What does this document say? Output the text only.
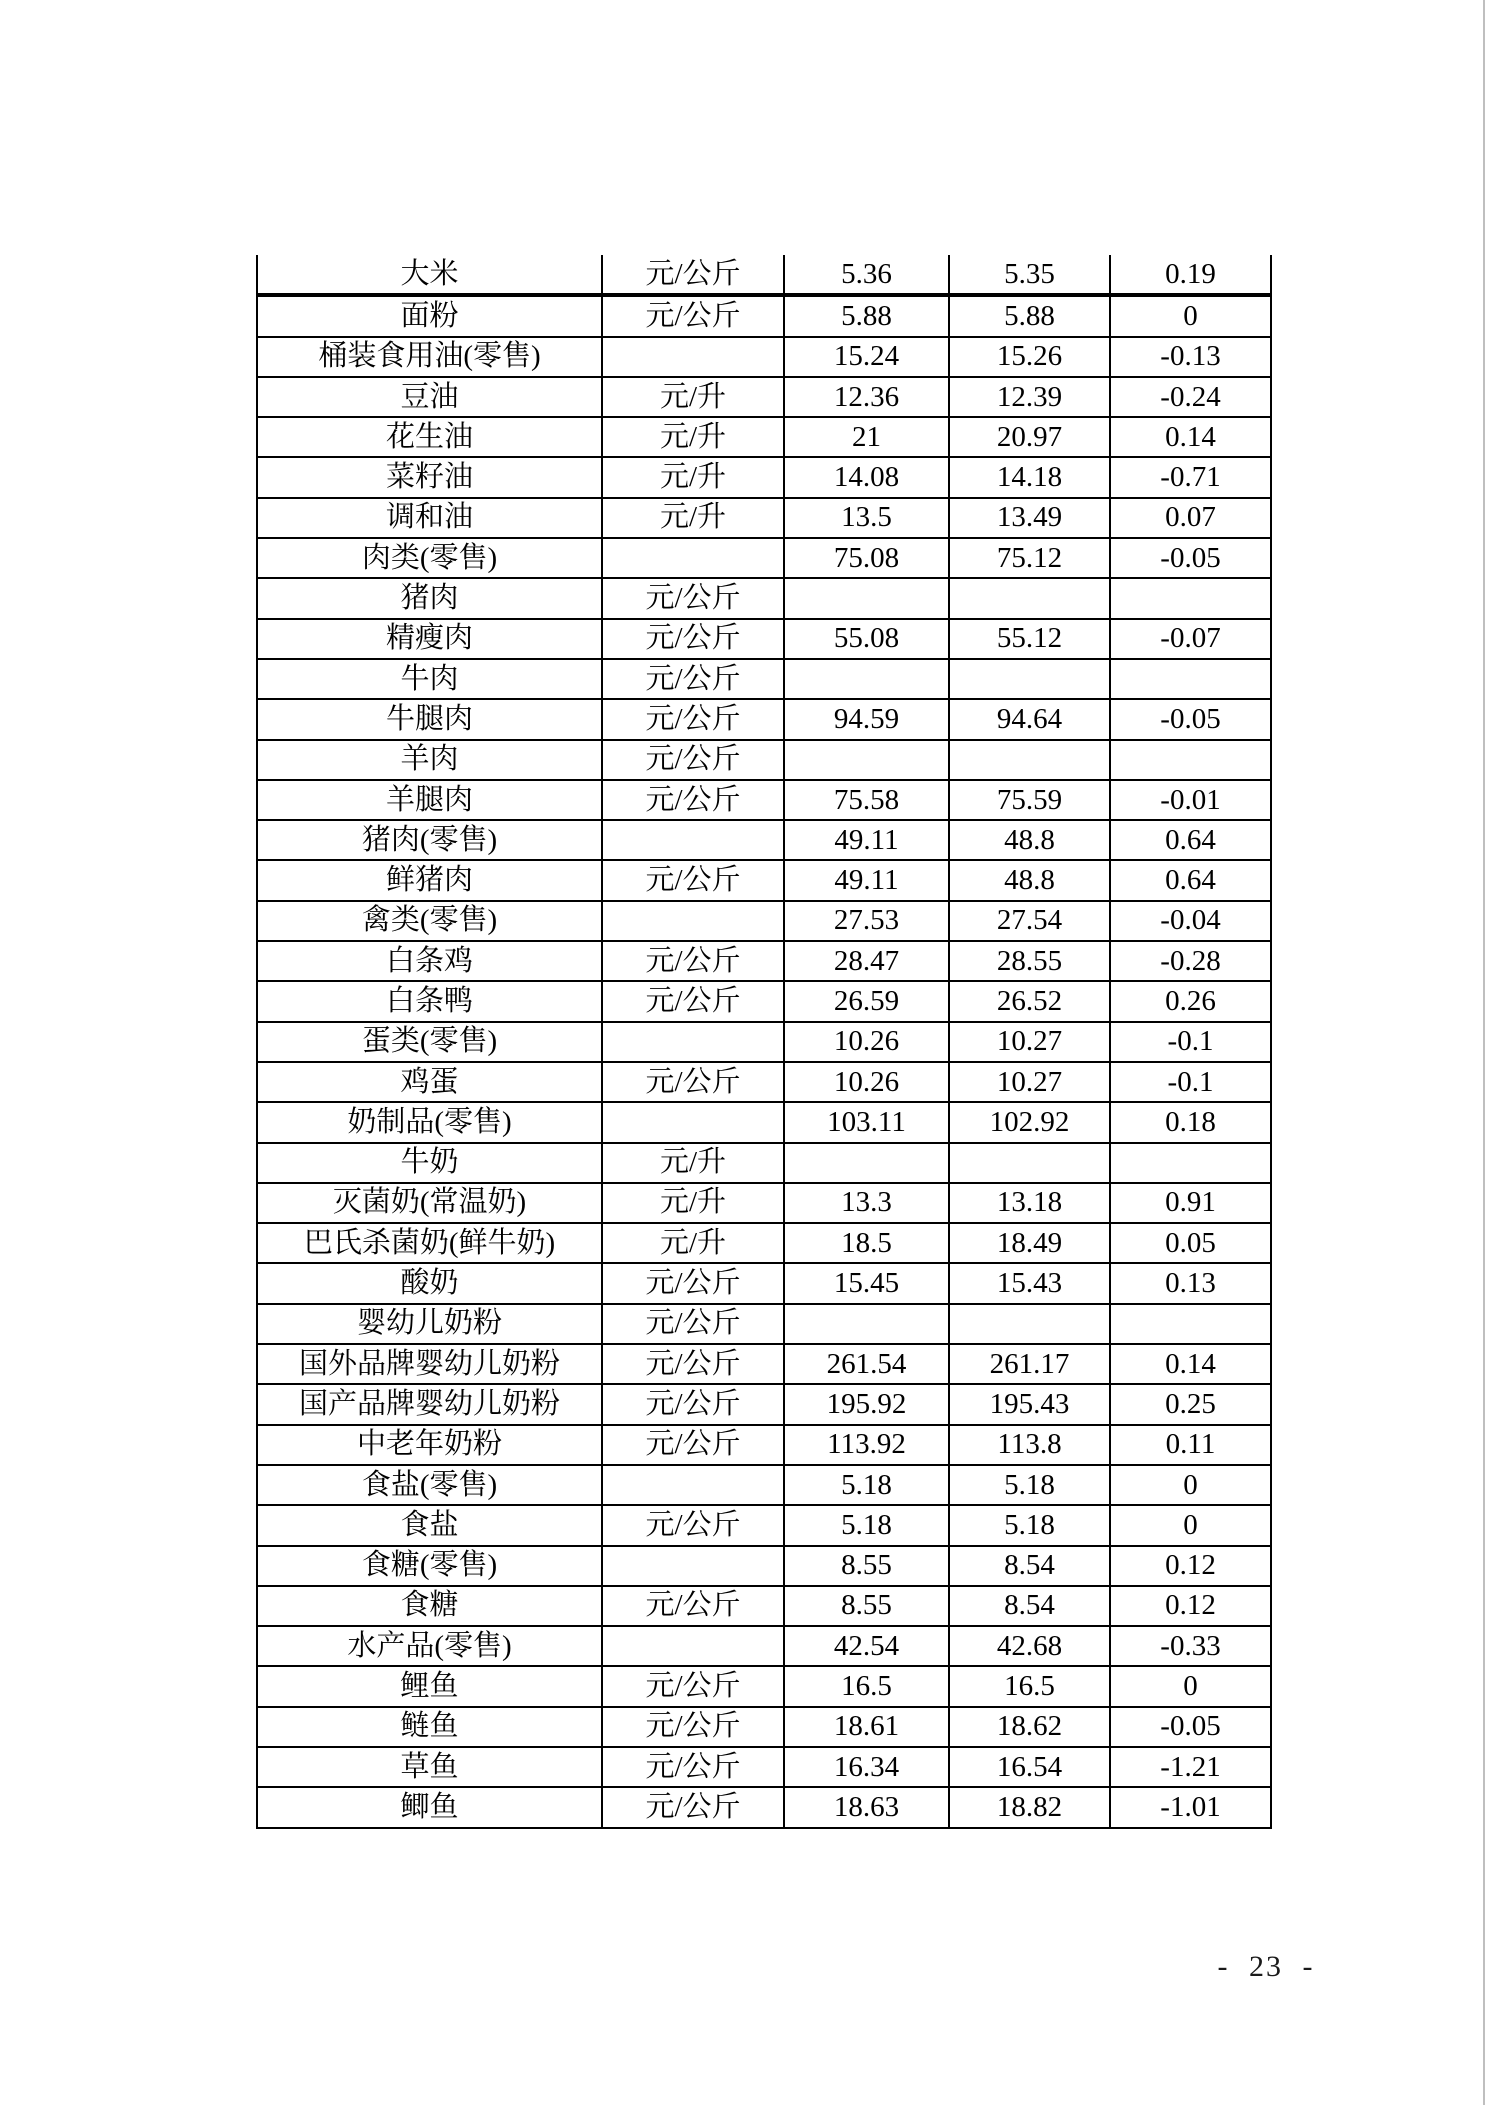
大米	元/公斤	5.36	5.35	0.19
面粉	元/公斤	5.88	5.88	0
桶装食用油(零售)		15.24	15.26	-0.13
豆油	元/升	12.36	12.39	-0.24
花生油	元/升	21	20.97	0.14
菜籽油	元/升	14.08	14.18	-0.71
调和油	元/升	13.5	13.49	0.07
肉类(零售)		75.08	75.12	-0.05
猪肉	元/公斤			
精瘦肉	元/公斤	55.08	55.12	-0.07
牛肉	元/公斤			
牛腿肉	元/公斤	94.59	94.64	-0.05
羊肉	元/公斤			
羊腿肉	元/公斤	75.58	75.59	-0.01
猪肉(零售)		49.11	48.8	0.64
鲜猪肉	元/公斤	49.11	48.8	0.64
禽类(零售)		27.53	27.54	-0.04
白条鸡	元/公斤	28.47	28.55	-0.28
白条鸭	元/公斤	26.59	26.52	0.26
蛋类(零售)		10.26	10.27	-0.1
鸡蛋	元/公斤	10.26	10.27	-0.1
奶制品(零售)		103.11	102.92	0.18
牛奶	元/升			
灭菌奶(常温奶)	元/升	13.3	13.18	0.91
巴氏杀菌奶(鲜牛奶)	元/升	18.5	18.49	0.05
酸奶	元/公斤	15.45	15.43	0.13
婴幼儿奶粉	元/公斤			
国外品牌婴幼儿奶粉	元/公斤	261.54	261.17	0.14
国产品牌婴幼儿奶粉	元/公斤	195.92	195.43	0.25
中老年奶粉	元/公斤	113.92	113.8	0.11
食盐(零售)		5.18	5.18	0
食盐	元/公斤	5.18	5.18	0
食糖(零售)		8.55	8.54	0.12
食糖	元/公斤	8.55	8.54	0.12
水产品(零售)		42.54	42.68	-0.33
鲤鱼	元/公斤	16.5	16.5	0
鲢鱼	元/公斤	18.61	18.62	-0.05
草鱼	元/公斤	16.34	16.54	-1.21
鲫鱼	元/公斤	18.63	18.82	-1.01
- 23 -
